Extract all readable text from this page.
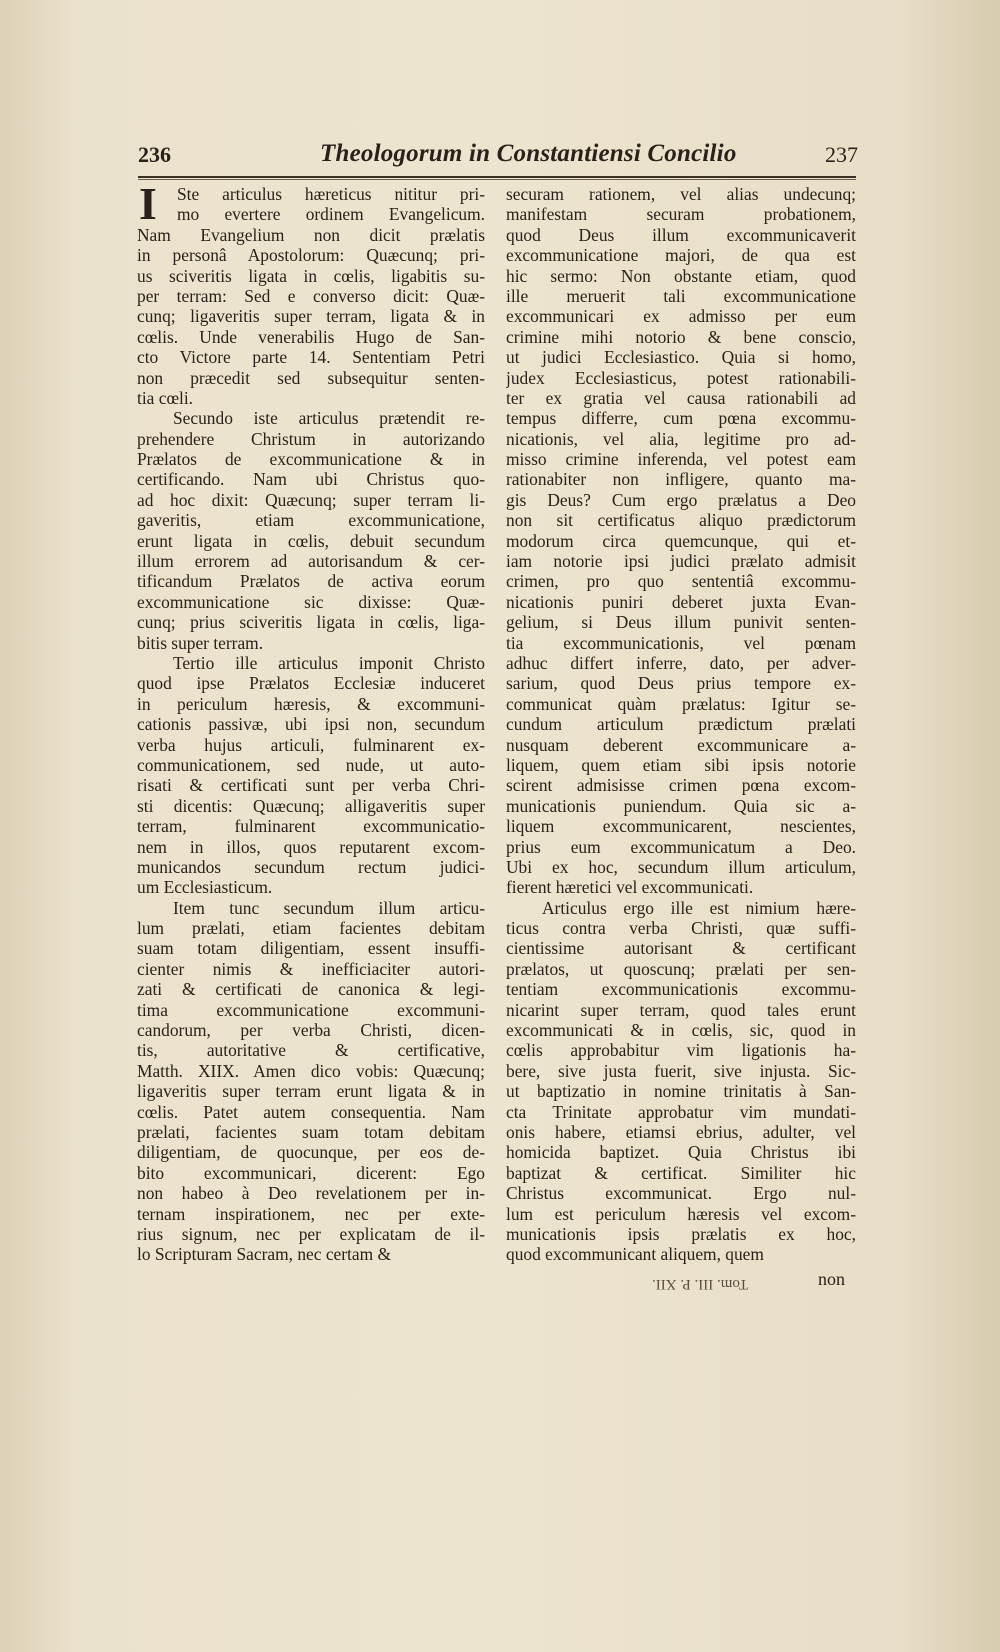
236	Theologorum in Constantiensi Concilio	237
Ste articulus hæreticus nititur pri-
mo evertere ordinem Evangelicum.
Nam Evangelium non dicit prælatis
in personâ Apostolorum: Quæcunq; pri-
us sciveritis ligata in cœlis, ligabitis su-
per terram: Sed e converso dicit: Quæ-
cunq; ligaveritis super terram, ligata & in
cœlis. Unde venerabilis Hugo de San-
cto Victore parte 14. Sententiam Petri
non præcedit sed subsequitur senten-
tia cœli.
Secundo iste articulus prætendit re-
prehendere Christum in autorizando
Prælatos de excommunicatione & in
certificando. Nam ubi Christus quo-
ad hoc dixit: Quæcunq; super terram li-
gaveritis, etiam excommunicatione,
erunt ligata in cœlis, debuit secundum
illum errorem ad autorisandum & cer-
tificandum Prælatos de activa eorum
excommunicatione sic dixisse: Quæ-
cunq; prius sciveritis ligata in cœlis, liga-
bitis super terram.
Tertio ille articulus imponit Christo
quod ipse Prælatos Ecclesiæ induceret
in periculum hæresis, & excommuni-
cationis passivæ, ubi ipsi non, secundum
verba hujus articuli, fulminarent ex-
communicationem, sed nude, ut auto-
risati & certificati sunt per verba Chri-
sti dicentis: Quæcunq; alligaveritis super
terram, fulminarent excommunicatio-
nem in illos, quos reputarent excom-
municandos secundum rectum judici-
um Ecclesiasticum.
Item tunc secundum illum articu-
lum prælati, etiam facientes debitam
suam totam diligentiam, essent insuffi-
cienter nimis & inefficiaciter autori-
zati & certificati de canonica & legi-
tima excommunicatione excommuni-
candorum, per verba Christi, dicen-
tis, autoritative & certificative,
Matth. XIIX. Amen dico vobis: Quæcunq;
ligaveritis super terram erunt ligata & in
cœlis. Patet autem consequentia. Nam
prælati, facientes suam totam debitam
diligentiam, de quocunque, per eos de-
bito excommunicari, dicerent: Ego
non habeo à Deo revelationem per in-
ternam inspirationem, nec per exte-
rius signum, nec per explicatam de il-
lo Scripturam Sacram, nec certam &
I	securam rationem, vel alias undecunq;
manifestam securam probationem,
quod Deus illum excommunicaverit
excommunicatione majori, de qua est
hic sermo: Non obstante etiam, quod
ille meruerit tali excommunicatione
excommunicari ex admisso per eum
crimine mihi notorio & bene conscio,
ut judici Ecclesiastico. Quia si homo,
judex Ecclesiasticus, potest rationabili-
ter ex gratia vel causa rationabili ad
tempus differre, cum pœna excommu-
nicationis, vel alia, legitime pro ad-
misso crimine inferenda, vel potest eam
rationabiter non infligere, quanto ma-
gis Deus? Cum ergo prælatus a Deo
non sit certificatus aliquo prædictorum
modorum circa quemcunque, qui et-
iam notorie ipsi judici prælato admisit
crimen, pro quo sententiâ excommu-
nicationis puniri deberet juxta Evan-
gelium, si Deus illum punivit senten-
tia excommunicationis, vel pœnam
adhuc differt inferre, dato, per adver-
sarium, quod Deus prius tempore ex-
communicat quàm prælatus: Igitur se-
cundum articulum prædictum prælati
nusquam deberent excommunicare a-
liquem, quem etiam sibi ipsis notorie
scirent admisisse crimen pœna excom-
municationis puniendum. Quia sic a-
liquem excommunicarent, nescientes,
prius eum excommunicatum a Deo.
Ubi ex hoc, secundum illum articulum,
fierent hæretici vel excommunicati.
Articulus ergo ille est nimium hære-
ticus contra verba Christi, quæ suffi-
cientissime autorisant & certificant
prælatos, ut quoscunq; prælati per sen-
tentiam excommunicationis excommu-
nicarint super terram, quod tales erunt
excommunicati & in cœlis, sic, quod in
cœlis approbabitur vim ligationis ha-
bere, sive justa fuerit, sive injusta. Sic-
ut baptizatio in nomine trinitatis à San-
cta Trinitate approbatur vim mundati-
onis habere, etiamsi ebrius, adulter, vel
homicida baptizet. Quia Christus ibi
baptizat & certificat. Similiter hic
Christus excommunicat. Ergo nul-
lum est periculum hæresis vel excom-
municationis ipsis prælatis ex hoc,
quod excommunicant aliquem, quem
Tom. III. P. XII.	non
